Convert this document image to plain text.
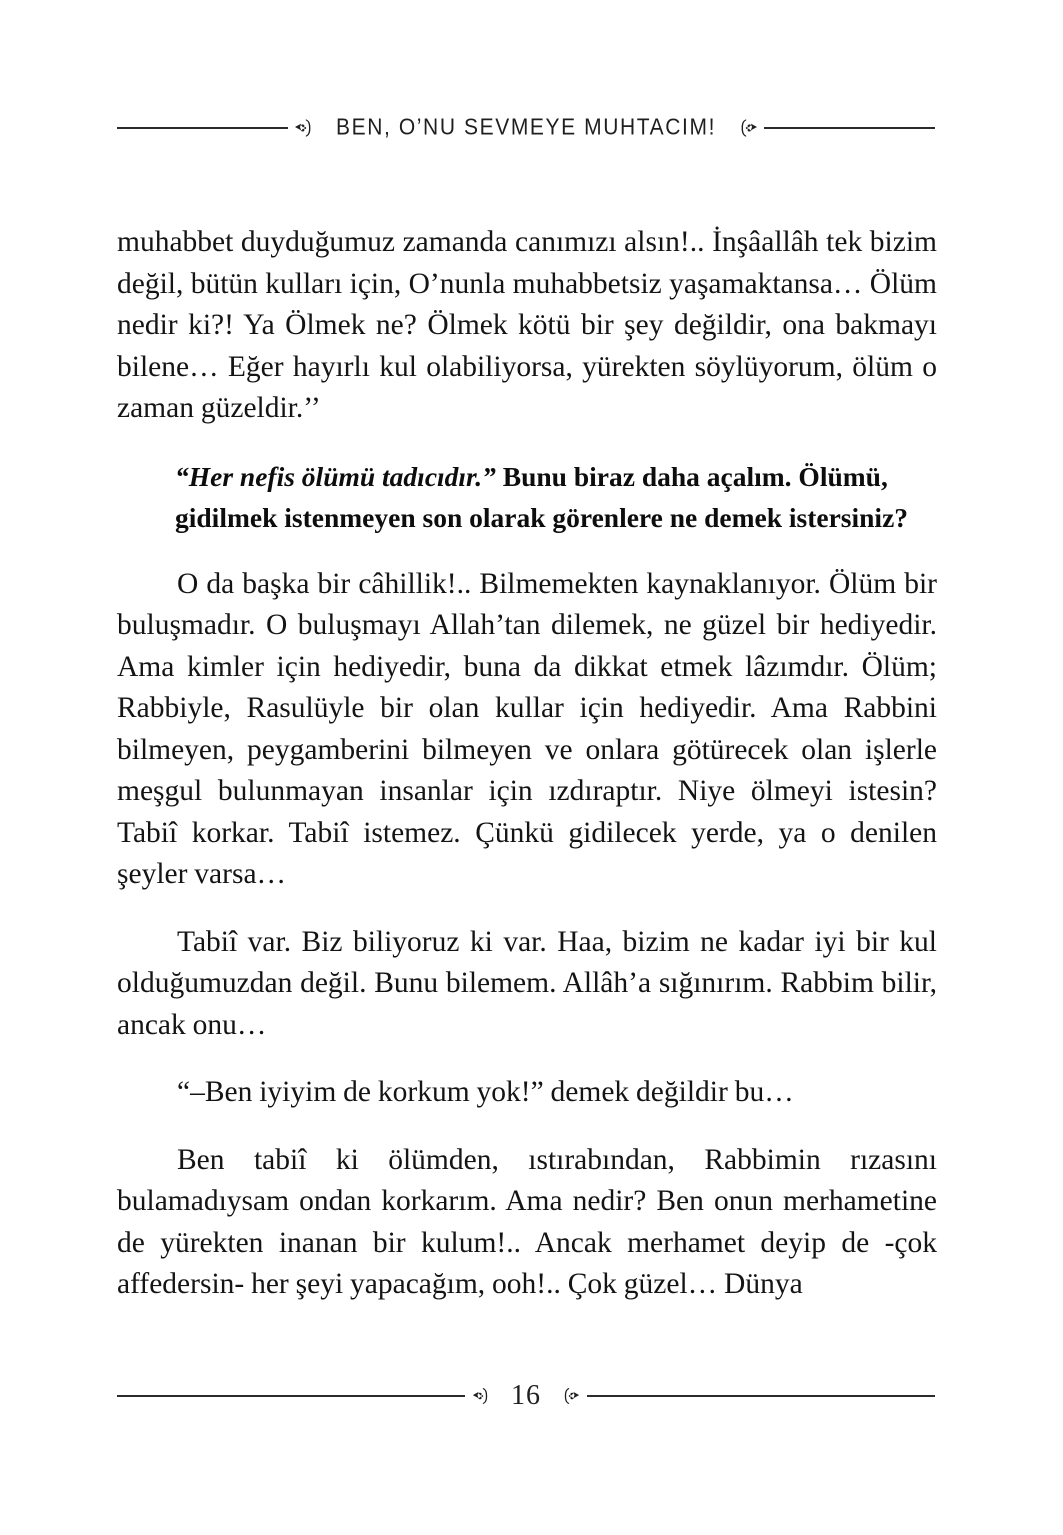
BEN, O’NU SEVMEYE MUHTACIM!

muhabbet duyduğumuz zamanda canımızı alsın!.. İnşâallâh tek bizim değil, bütün kulları için, O’nunla muhabbetsiz yaşamaktansa… Ölüm nedir ki?! Ya Ölmek ne? Ölmek kötü bir şey değildir, ona bakmayı bilene… Eğer hayırlı kul olabiliyorsa, yürekten söylüyorum, ölüm o zaman güzeldir.’’

“Her nefis ölümü tadıcıdır.” Bunu biraz daha açalım. Ölümü, gidilmek istenmeyen son olarak görenlere ne demek istersiniz?

O da başka bir câhillik!.. Bilmemekten kaynaklanıyor. Ölüm bir buluşmadır. O buluşmayı Allah’tan dilemek, ne güzel bir hediyedir. Ama kimler için hediyedir, buna da dikkat etmek lâzımdır. Ölüm; Rabbiyle, Rasulüyle bir olan kullar için hediyedir. Ama Rabbini bilmeyen, peygamberini bilmeyen ve onlara götürecek olan işlerle meşgul bulunmayan insanlar için ızdıraptır. Niye ölmeyi istesin? Tabiî korkar. Tabiî istemez. Çünkü gidilecek yerde, ya o denilen şeyler varsa…

Tabiî var. Biz biliyoruz ki var. Haa, bizim ne kadar iyi bir kul olduğumuzdan değil. Bunu bilemem. Allâh’a sığınırım. Rabbim bilir, ancak onu…

“–Ben iyiyim de korkum yok!” demek değildir bu…

Ben tabiî ki ölümden, ıstırabından, Rabbimin rızasını bulamadıysam ondan korkarım. Ama nedir? Ben onun merhametine de yürekten inanan bir kulum!.. Ancak merhamet deyip de -çok affedersin- her şeyi yapacağım, ooh!.. Çok güzel… Dünya

16
